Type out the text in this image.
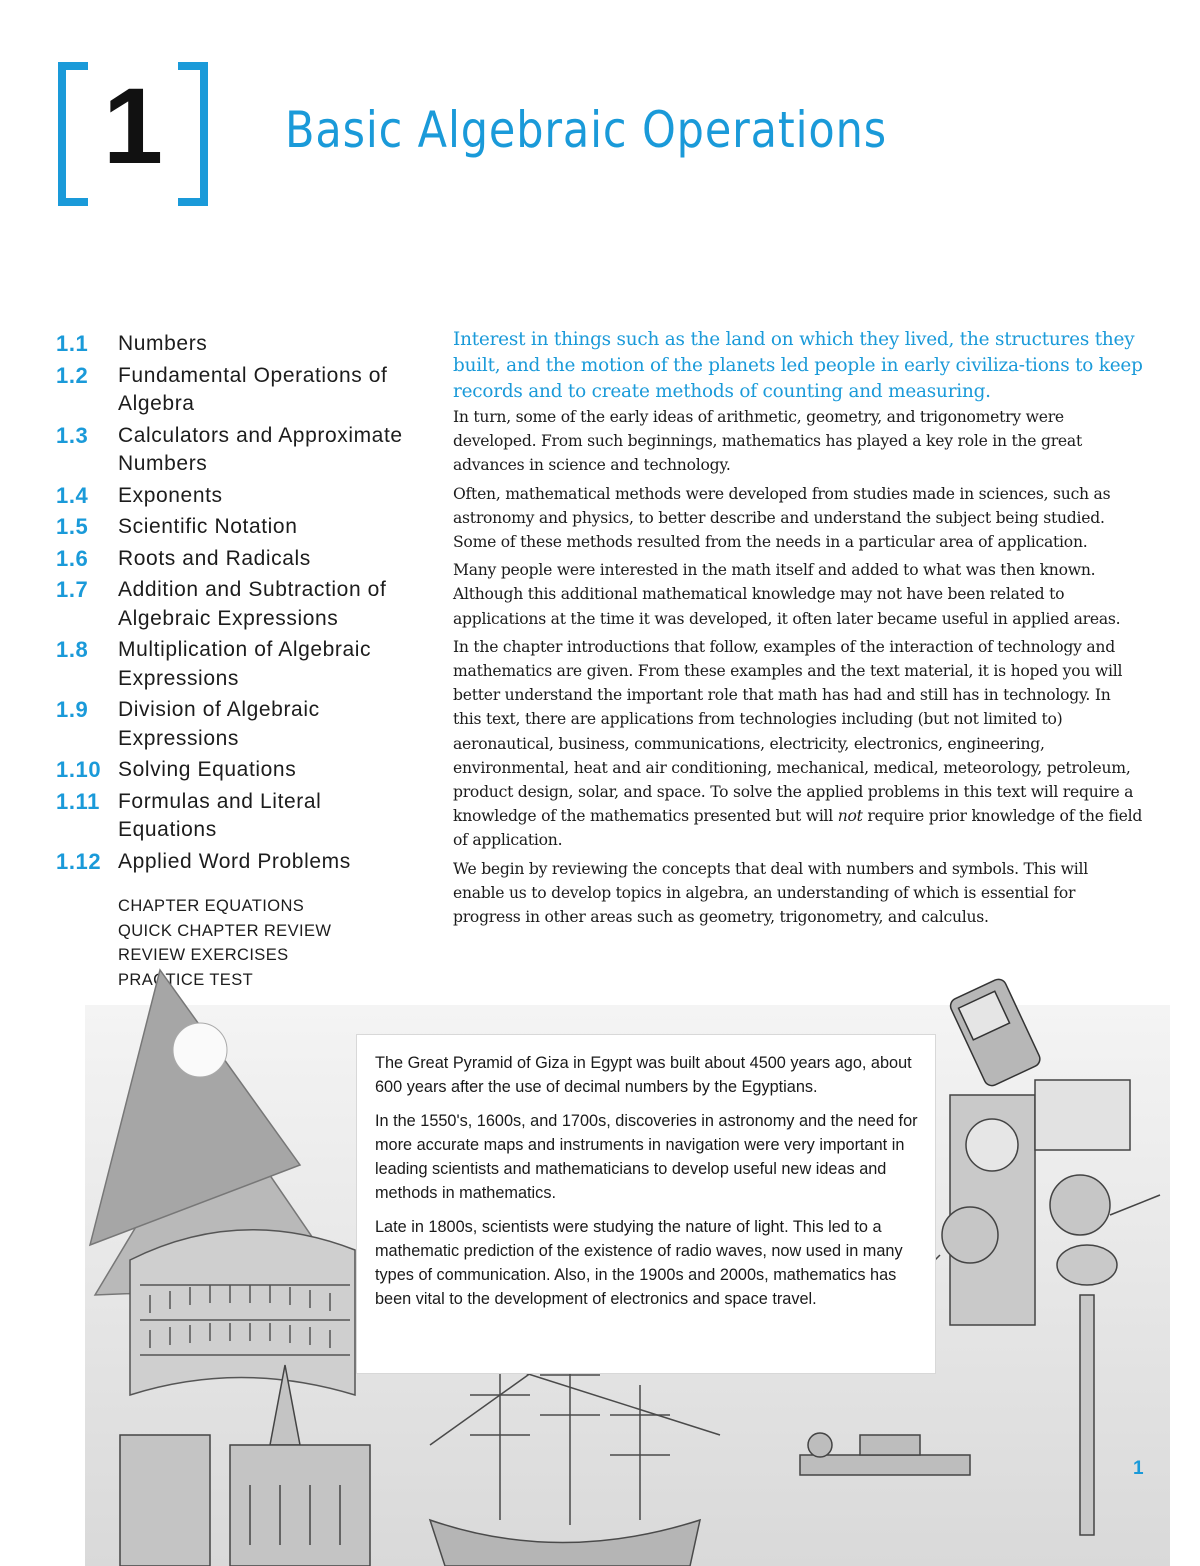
1 Basic Algebraic Operations
1.1	Numbers
1.2	Fundamental Operations of Algebra
1.3	Calculators and Approximate Numbers
1.4	Exponents
1.5	Scientific Notation
1.6	Roots and Radicals
1.7	Addition and Subtraction of Algebraic Expressions
1.8	Multiplication of Algebraic Expressions
1.9	Division of Algebraic Expressions
1.10 Solving Equations
1.11 Formulas and Literal Equations
1.12 Applied Word Problems
CHAPTER EQUATIONS
QUICK CHAPTER REVIEW
REVIEW EXERCISES
PRACTICE TEST

Interest in things such as the land on which they lived, the structures they built, and the motion of the planets led people in early civiliza-tions to keep records and to create methods of counting and measuring.

In turn, some of the early ideas of arithmetic, geometry, and trigonometry were developed. From such beginnings, mathematics has played a key role in the great advances in science and technology.

Often, mathematical methods were developed from studies made in sciences, such as astronomy and physics, to better describe and understand the subject being studied. Some of these methods resulted from the needs in a particular area of application.

Many people were interested in the math itself and added to what was then known. Although this additional mathematical knowledge may not have been related to applications at the time it was developed, it often later became useful in applied areas.

In the chapter introductions that follow, examples of the interaction of technology and mathematics are given. From these examples and the text material, it is hoped you will better understand the important role that math has had and still has in technology. In this text, there are applications from technologies including (but not limited to) aeronautical, business, communications, electricity, electronics, engineering, environmental, heat and air conditioning, mechanical, medical, meteorology, petroleum, product design, solar, and space. To solve the applied problems in this text will require a knowledge of the mathematics presented but will not require prior knowledge of the field of application.

We begin by reviewing the concepts that deal with numbers and symbols. This will enable us to develop topics in algebra, an understanding of which is essential for progress in other areas such as geometry, trigonometry, and calculus.

The Great Pyramid of Giza in Egypt was built about 4500 years ago, about 600 years after the use of decimal numbers by the Egyptians.

In the 1550's, 1600s, and 1700s, discoveries in astronomy and the need for more accurate maps and instruments in navigation were very important in leading scientists and mathematicians to develop useful new ideas and methods in mathematics.

Late in 1800s, scientists were studying the nature of light. This led to a mathematic prediction of the existence of radio waves, now used in many types of communication. Also, in the 1900s and 2000s, mathematics has been vital to the development of electronics and space travel.

1
